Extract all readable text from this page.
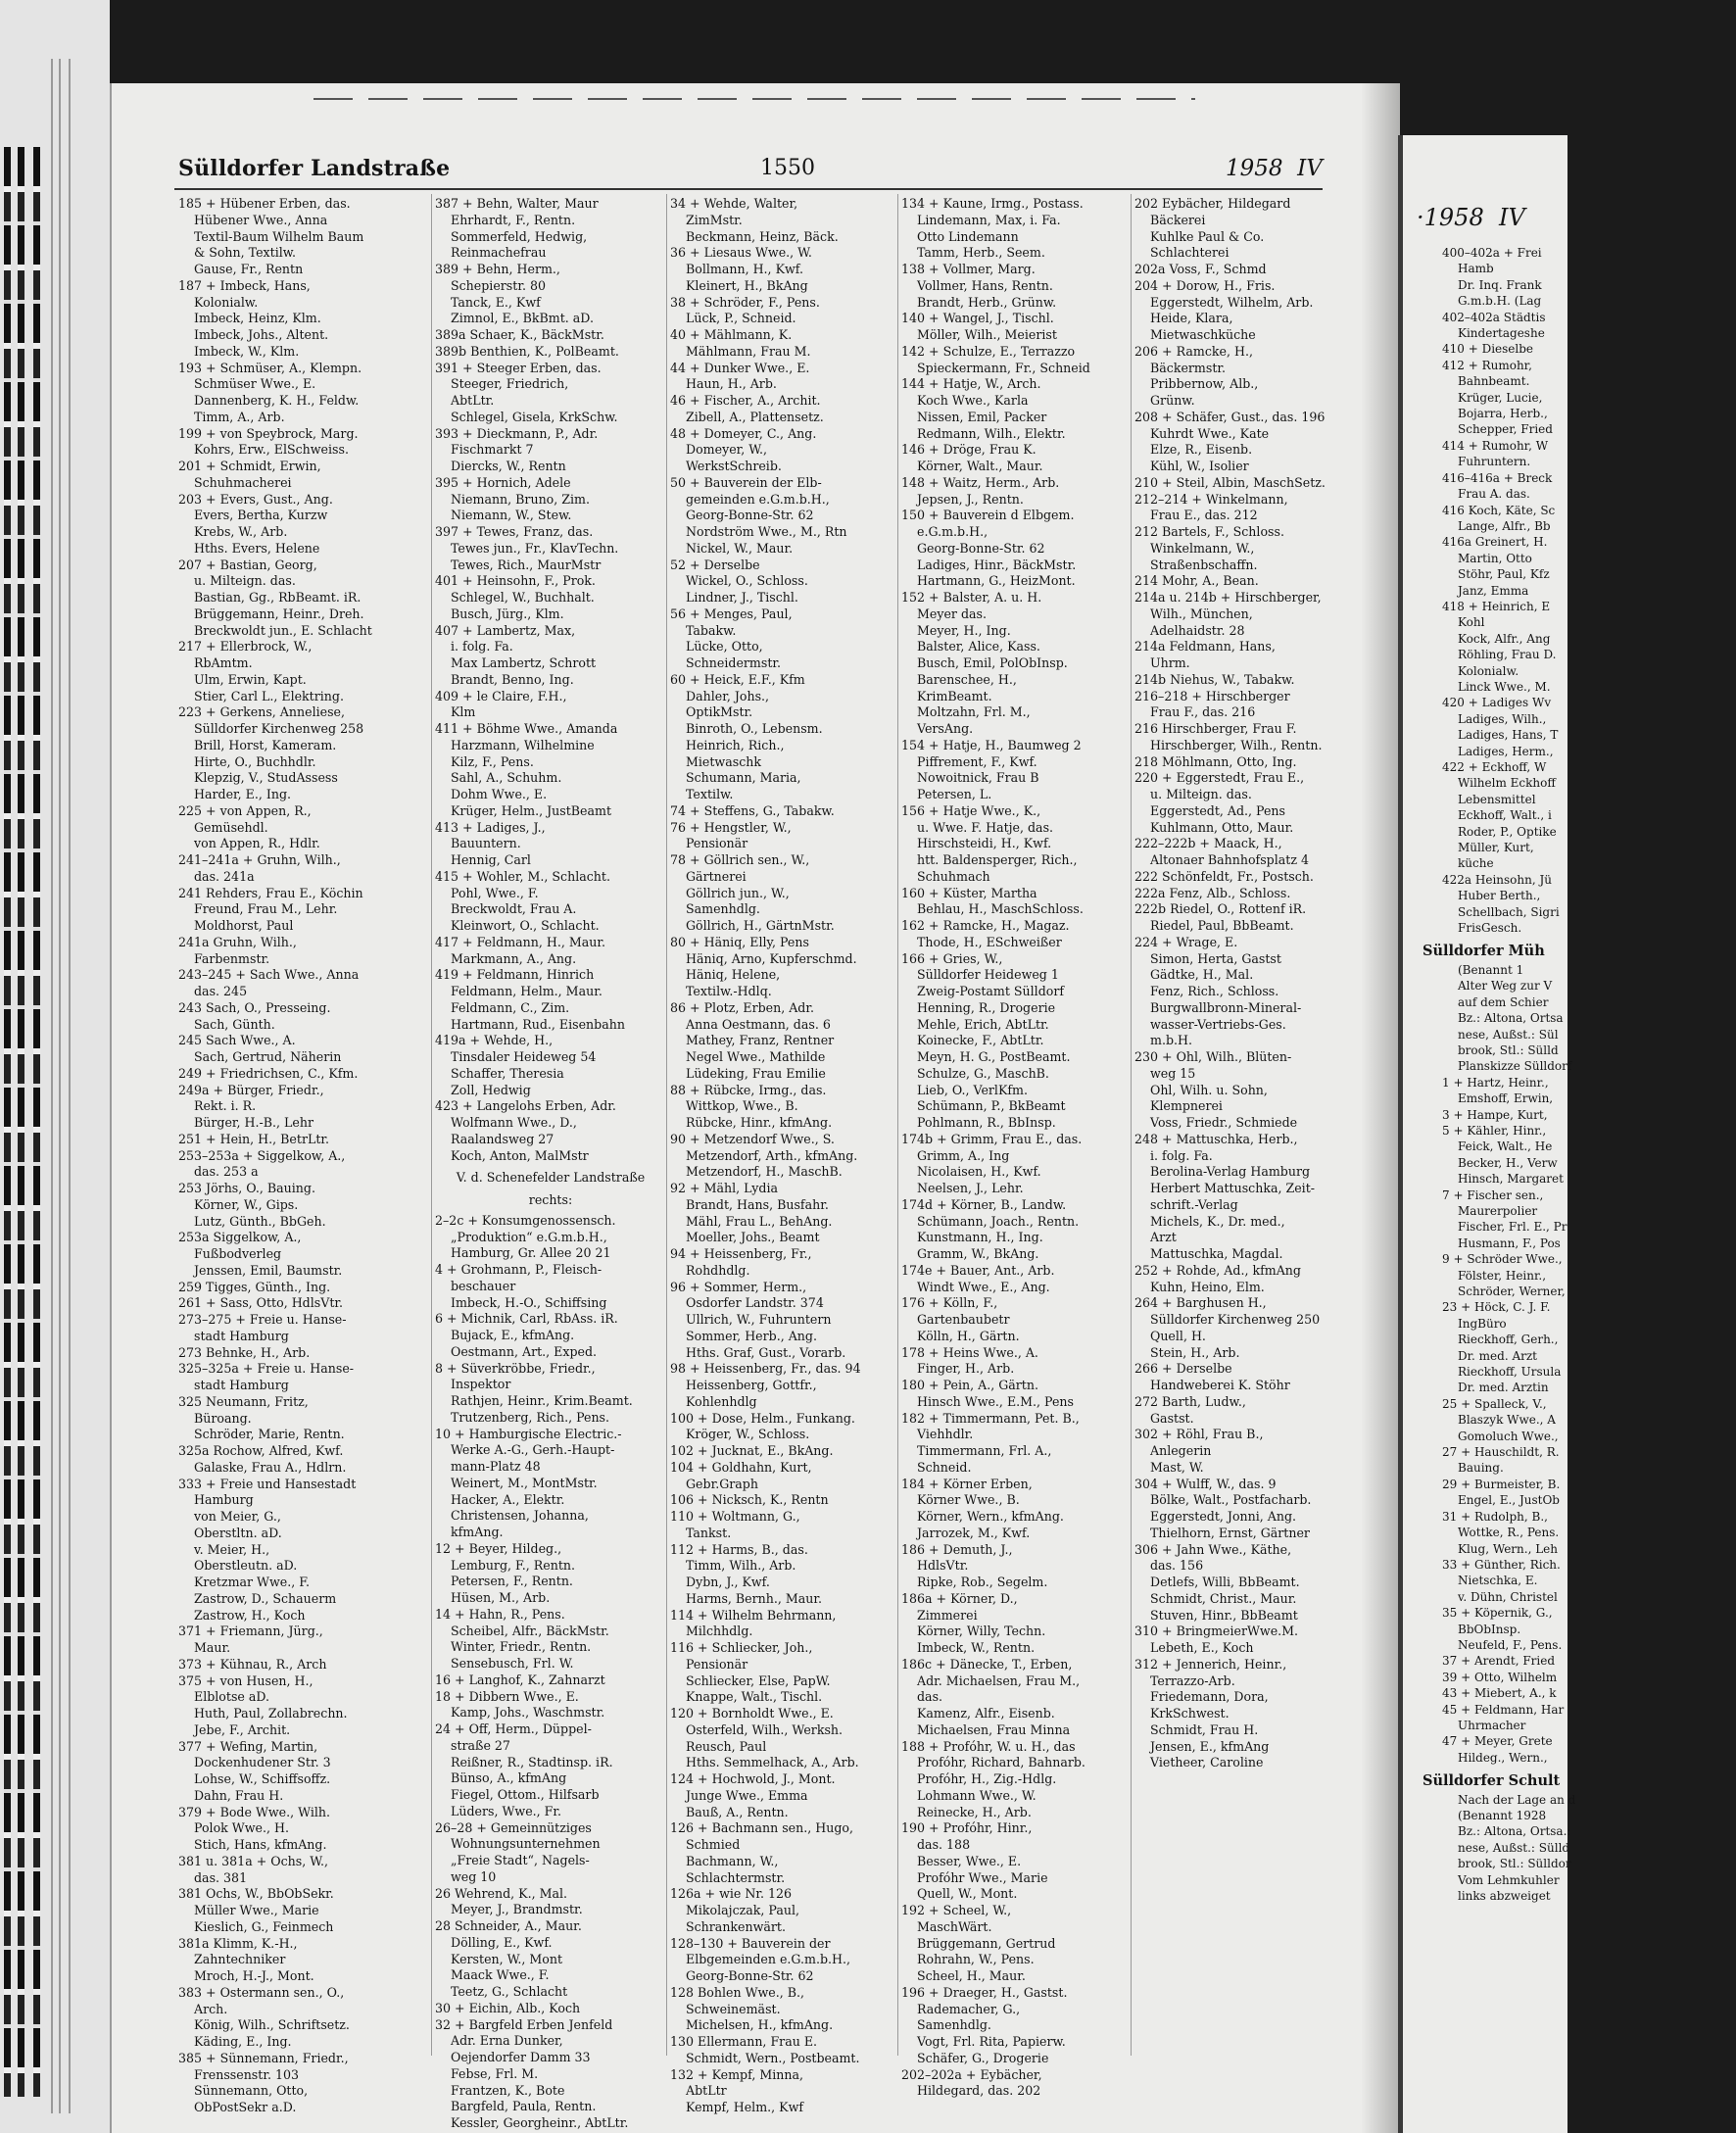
Sülldorfer Landstraße	1550	1958 IV
185 + Hübener Erben, das.
Hübener Wwe., Anna
Textil-Baum Wilhelm Baum
& Sohn, Textilw.
Gause, Fr., Rentn
187 + Imbeck, Hans,
Kolonialw.
Imbeck, Heinz, Klm.
Imbeck, Johs., Altent.
Imbeck, W., Klm.
193 + Schmüser, A., Klempn.
Schmüser Wwe., E.
Dannenberg, K. H., Feldw.
Timm, A., Arb.
199 + von Speybrock, Marg.
Kohrs, Erw., ElSchweiss.
201 + Schmidt, Erwin,
Schuhmacherei
203 + Evers, Gust., Ang.
Evers, Bertha, Kurzw
Krebs, W., Arb.
Hths. Evers, Helene
207 + Bastian, Georg,
u. Milteign. das.
Bastian, Gg., RbBeamt. iR.
Brüggemann, Heinr., Dreh.
Breckwoldt jun., E. Schlacht
217 + Ellerbrock, W.,
RbAmtm.
Ulm, Erwin, Kapt.
Stier, Carl L., Elektring.
223 + Gerkens, Anneliese,
Sülldorfer Kirchenweg 258
Brill, Horst, Kameram.
Hirte, O., Buchhdlr.
Klepzig, V., StudAssess
Harder, E., Ing.
225 + von Appen, R.,
Gemüsehdl.
von Appen, R., Hdlr.
241–241a + Gruhn, Wilh.,
das. 241a
241 Rehders, Frau E., Köchin
Freund, Frau M., Lehr.
Moldhorst, Paul
241a Gruhn, Wilh.,
Farbenmstr.
243–245 + Sach Wwe., Anna
das. 245
243 Sach, O., Presseing.
Sach, Günth.
245 Sach Wwe., A.
Sach, Gertrud, Näherin
249 + Friedrichsen, C., Kfm.
249a + Bürger, Friedr.,
Rekt. i. R.
Bürger, H.-B., Lehr
251 + Hein, H., BetrLtr.
253–253a + Siggelkow, A.,
das. 253 a
253 Jörhs, O., Bauing.
Körner, W., Gips.
Lutz, Günth., BbGeh.
253a Siggelkow, A.,
Fußbodverleg
Jenssen, Emil, Baumstr.
259 Tigges, Günth., Ing.
261 + Sass, Otto, HdlsVtr.
273–275 + Freie u. Hanse-
stadt Hamburg
273 Behnke, H., Arb.
325–325a + Freie u. Hanse-
stadt Hamburg
325 Neumann, Fritz,
Büroang.
Schröder, Marie, Rentn.
325a Rochow, Alfred, Kwf.
Galaske, Frau A., Hdlrn.
333 + Freie und Hansestadt
Hamburg
von Meier, G.,
Oberstltn. aD.
v. Meier, H.,
Oberstleutn. aD.
Kretzmar Wwe., F.
Zastrow, D., Schauerm
Zastrow, H., Koch
371 + Friemann, Jürg.,
Maur.
373 + Kühnau, R., Arch
375 + von Husen, H.,
Elblotse aD.
Huth, Paul, Zollabrechn.
Jebe, F., Archit.
377 + Wefing, Martin,
Dockenhudener Str. 3
Lohse, W., Schiffsoffz.
Dahn, Frau H.
379 + Bode Wwe., Wilh.
Polok Wwe., H.
Stich, Hans, kfmAng.
381 u. 381a + Ochs, W.,
das. 381
381 Ochs, W., BbObSekr.
Müller Wwe., Marie
Kieslich, G., Feinmech
381a Klimm, K.-H.,
Zahntechniker
Mroch, H.-J., Mont.
383 + Ostermann sen., O.,
Arch.
König, Wilh., Schriftsetz.
Käding, E., Ing.
385 + Sünnemann, Friedr.,
Frenssenstr. 103
Sünnemann, Otto,
ObPostSekr a.D.
387 + Behn, Walter, Maur
Ehrhardt, F., Rentn.
Sommerfeld, Hedwig,
Reinmachefrau
389 + Behn, Herm.,
Schepierstr. 80
Tanck, E., Kwf
Zimnol, E., BkBmt. aD.
389a Schaer, K., BäckMstr.
389b Benthien, K., PolBeamt.
391 + Steeger Erben, das.
Steeger, Friedrich,
AbtLtr.
Schlegel, Gisela, KrkSchw.
393 + Dieckmann, P., Adr.
Fischmarkt 7
Diercks, W., Rentn
395 + Hornich, Adele
Niemann, Bruno, Zim.
Niemann, W., Stew.
397 + Tewes, Franz, das.
Tewes jun., Fr., KlavTechn.
Tewes, Rich., MaurMstr
401 + Heinsohn, F., Prok.
Schlegel, W., Buchhalt.
Busch, Jürg., Klm.
407 + Lambertz, Max,
i. folg. Fa.
Max Lambertz, Schrott
Brandt, Benno, Ing.
409 + le Claire, F.H.,
Klm
411 + Böhme Wwe., Amanda
Harzmann, Wilhelmine
Kilz, F., Pens.
Sahl, A., Schuhm.
Dohm Wwe., E.
Krüger, Helm., JustBeamt
413 + Ladiges, J.,
Bauuntern.
Hennig, Carl
415 + Wohler, M., Schlacht.
Pohl, Wwe., F.
Breckwoldt, Frau A.
Kleinwort, O., Schlacht.
417 + Feldmann, H., Maur.
Markmann, A., Ang.
419 + Feldmann, Hinrich
Feldmann, Helm., Maur.
Feldmann, C., Zim.
Hartmann, Rud., Eisenbahn
419a + Wehde, H.,
Tinsdaler Heideweg 54
Schaffer, Theresia
Zoll, Hedwig
423 + Langelohs Erben, Adr.
Wolfmann Wwe., D.,
Raalandsweg 27
Koch, Anton, MalMstr
V. d. Schenefelder Landstraße
rechts:
2–2c + Konsumgenossensch.
„Produktion“ e.G.m.b.H.,
Hamburg, Gr. Allee 20 21
4 + Grohmann, P., Fleisch-
beschauer
Imbeck, H.-O., Schiffsing
6 + Michnik, Carl, RbAss. iR.
Bujack, E., kfmAng.
Oestmann, Art., Exped.
8 + Süverkröbbe, Friedr.,
Inspektor
Rathjen, Heinr., Krim.Beamt.
Trutzenberg, Rich., Pens.
10 + Hamburgische Electric.-
Werke A.-G., Gerh.-Haupt-
mann-Platz 48
Weinert, M., MontMstr.
Hacker, A., Elektr.
Christensen, Johanna,
kfmAng.
12 + Beyer, Hildeg.,
Lemburg, F., Rentn.
Petersen, F., Rentn.
Hüsen, M., Arb.
14 + Hahn, R., Pens.
Scheibel, Alfr., BäckMstr.
Winter, Friedr., Rentn.
Sensebusch, Frl. W.
16 + Langhof, K., Zahnarzt
18 + Dibbern Wwe., E.
Kamp, Johs., Waschmstr.
24 + Off, Herm., Düppel-
straße 27
Reißner, R., Stadtinsp. iR.
Bünso, A., kfmAng
Fiegel, Ottom., Hilfsarb
Lüders, Wwe., Fr.
26–28 + Gemeinnütziges
Wohnungsunternehmen
„Freie Stadt“, Nagels-
weg 10
26 Wehrend, K., Mal.
Meyer, J., Brandmstr.
28 Schneider, A., Maur.
Dölling, E., Kwf.
Kersten, W., Mont
Maack Wwe., F.
Teetz, G., Schlacht
30 + Eichin, Alb., Koch
32 + Bargfeld Erben Jenfeld
Adr. Erna Dunker,
Oejendorfer Damm 33
Febse, Frl. M.
Frantzen, K., Bote
Bargfeld, Paula, Rentn.
Kessler, Georgheinr., AbtLtr.
34 + Wehde, Walter,
ZimMstr.
Beckmann, Heinz, Bäck.
36 + Liesaus Wwe., W.
Bollmann, H., Kwf.
Kleinert, H., BkAng
38 + Schröder, F., Pens.
Lück, P., Schneid.
40 + Mählmann, K.
Mählmann, Frau M.
44 + Dunker Wwe., E.
Haun, H., Arb.
46 + Fischer, A., Archit.
Zibell, A., Plattensetz.
48 + Domeyer, C., Ang.
Domeyer, W.,
WerkstSchreib.
50 + Bauverein der Elb-
gemeinden e.G.m.b.H.,
Georg-Bonne-Str. 62
Nordström Wwe., M., Rtn
Nickel, W., Maur.
52 + Derselbe
Wickel, O., Schloss.
Lindner, J., Tischl.
56 + Menges, Paul,
Tabakw.
Lücke, Otto,
Schneidermstr.
60 + Heick, E.F., Kfm
Dahler, Johs.,
OptikMstr.
Binroth, O., Lebensm.
Heinrich, Rich.,
Mietwaschk
Schumann, Maria,
Textilw.
74 + Steffens, G., Tabakw.
76 + Hengstler, W.,
Pensionär
78 + Göllrich sen., W.,
Gärtnerei
Göllrich jun., W.,
Samenhdlg.
Göllrich, H., GärtnMstr.
80 + Häniq, Elly, Pens
Häniq, Arno, Kupferschmd.
Häniq, Helene,
Textilw.-Hdlq.
86 + Plotz, Erben, Adr.
Anna Oestmann, das. 6
Mathey, Franz, Rentner
Negel Wwe., Mathilde
Lüdeking, Frau Emilie
88 + Rübcke, Irmg., das.
Wittkop, Wwe., B.
Rübcke, Hinr., kfmAng.
90 + Metzendorf Wwe., S.
Metzendorf, Arth., kfmAng.
Metzendorf, H., MaschB.
92 + Mähl, Lydia
Brandt, Hans, Busfahr.
Mähl, Frau L., BehAng.
Moeller, Johs., Beamt
94 + Heissenberg, Fr.,
Rohdhdlg.
96 + Sommer, Herm.,
Osdorfer Landstr. 374
Ullrich, W., Fuhruntern
Sommer, Herb., Ang.
Hths. Graf, Gust., Vorarb.
98 + Heissenberg, Fr., das. 94
Heissenberg, Gottfr.,
Kohlenhdlg
100 + Dose, Helm., Funkang.
Kröger, W., Schloss.
102 + Jucknat, E., BkAng.
104 + Goldhahn, Kurt,
Gebr.Graph
106 + Nicksch, K., Rentn
110 + Woltmann, G.,
Tankst.
112 + Harms, B., das.
Timm, Wilh., Arb.
Dybn, J., Kwf.
Harms, Bernh., Maur.
114 + Wilhelm Behrmann,
Milchhdlg.
116 + Schliecker, Joh.,
Pensionär
Schliecker, Else, PapW.
Knappe, Walt., Tischl.
120 + Bornholdt Wwe., E.
Osterfeld, Wilh., Werksh.
Reusch, Paul
Hths. Semmelhack, A., Arb.
124 + Hochwold, J., Mont.
Junge Wwe., Emma
Bauß, A., Rentn.
126 + Bachmann sen., Hugo,
Schmied
Bachmann, W.,
Schlachtermstr.
126a + wie Nr. 126
Mikolajczak, Paul,
Schrankenwärt.
128–130 + Bauverein der
Elbgemeinden e.G.m.b.H.,
Georg-Bonne-Str. 62
128 Bohlen Wwe., B.,
Schweinemäst.
Michelsen, H., kfmAng.
130 Ellermann, Frau E.
Schmidt, Wern., Postbeamt.
132 + Kempf, Minna,
AbtLtr
Kempf, Helm., Kwf
134 + Kaune, Irmg., Postass.
Lindemann, Max, i. Fa.
Otto Lindemann
Tamm, Herb., Seem.
138 + Vollmer, Marg.
Vollmer, Hans, Rentn.
Brandt, Herb., Grünw.
140 + Wangel, J., Tischl.
Möller, Wilh., Meierist
142 + Schulze, E., Terrazzo
Spieckermann, Fr., Schneid
144 + Hatje, W., Arch.
Koch Wwe., Karla
Nissen, Emil, Packer
Redmann, Wilh., Elektr.
146 + Dröge, Frau K.
Körner, Walt., Maur.
148 + Waitz, Herm., Arb.
Jepsen, J., Rentn.
150 + Bauverein d Elbgem.
e.G.m.b.H.,
Georg-Bonne-Str. 62
Ladiges, Hinr., BäckMstr.
Hartmann, G., HeizMont.
152 + Balster, A. u. H.
Meyer das.
Meyer, H., Ing.
Balster, Alice, Kass.
Busch, Emil, PolObInsp.
Barenschee, H.,
KrimBeamt.
Moltzahn, Frl. M.,
VersAng.
154 + Hatje, H., Baumweg 2
Piffrement, F., Kwf.
Nowoitnick, Frau B
Petersen, L.
156 + Hatje Wwe., K.,
u. Wwe. F. Hatje, das.
Hirschsteidi, H., Kwf.
htt. Baldensperger, Rich.,
Schuhmach
160 + Küster, Martha
Behlau, H., MaschSchloss.
162 + Ramcke, H., Magaz.
Thode, H., ESchweißer
166 + Gries, W.,
Sülldorfer Heideweg 1
Zweig-Postamt Sülldorf
Henning, R., Drogerie
Mehle, Erich, AbtLtr.
Koinecke, F., AbtLtr.
Meyn, H. G., PostBeamt.
Schulze, G., MaschB.
Lieb, O., VerlKfm.
Schümann, P., BkBeamt
Pohlmann, R., BbInsp.
174b + Grimm, Frau E., das.
Grimm, A., Ing
Nicolaisen, H., Kwf.
Neelsen, J., Lehr.
174d + Körner, B., Landw.
Schümann, Joach., Rentn.
Kunstmann, H., Ing.
Gramm, W., BkAng.
174e + Bauer, Ant., Arb.
Windt Wwe., E., Ang.
176 + Kölln, F.,
Gartenbaubetr
Kölln, H., Gärtn.
178 + Heins Wwe., A.
Finger, H., Arb.
180 + Pein, A., Gärtn.
Hinsch Wwe., E.M., Pens
182 + Timmermann, Pet. B.,
Viehhdlr.
Timmermann, Frl. A.,
Schneid.
184 + Körner Erben,
Körner Wwe., B.
Körner, Wern., kfmAng.
Jarrozek, M., Kwf.
186 + Demuth, J.,
HdlsVtr.
Ripke, Rob., Segelm.
186a + Körner, D.,
Zimmerei
Körner, Willy, Techn.
Imbeck, W., Rentn.
186c + Dänecke, T., Erben,
Adr. Michaelsen, Frau M.,
das.
Kamenz, Alfr., Eisenb.
Michaelsen, Frau Minna
188 + Profóhr, W. u. H., das
Profóhr, Richard, Bahnarb.
Profóhr, H., Zig.-Hdlg.
Lohmann Wwe., W.
Reinecke, H., Arb.
190 + Profóhr, Hinr.,
das. 188
Besser, Wwe., E.
Profóhr Wwe., Marie
Quell, W., Mont.
192 + Scheel, W.,
MaschWärt.
Brüggemann, Gertrud
Rohrahn, W., Pens.
Scheel, H., Maur.
196 + Draeger, H., Gastst.
Rademacher, G.,
Samenhdlg.
Vogt, Frl. Rita, Papierw.
Schäfer, G., Drogerie
202–202a + Eybächer,
Hildegard, das. 202
202 Eybächer, Hildegard
Bäckerei
Kuhlke Paul & Co.
Schlachterei
202a Voss, F., Schmd
204 + Dorow, H., Fris.
Eggerstedt, Wilhelm, Arb.
Heide, Klara,
Mietwaschküche
206 + Ramcke, H.,
Bäckermstr.
Pribbernow, Alb.,
Grünw.
208 + Schäfer, Gust., das. 196
Kuhrdt Wwe., Kate
Elze, R., Eisenb.
Kühl, W., Isolier
210 + Steil, Albin, MaschSetz.
212–214 + Winkelmann,
Frau E., das. 212
212 Bartels, F., Schloss.
Winkelmann, W.,
Straßenbschaffn.
214 Mohr, A., Bean.
214a u. 214b + Hirschberger,
Wilh., München,
Adelhaidstr. 28
214a Feldmann, Hans,
Uhrm.
214b Niehus, W., Tabakw.
216–218 + Hirschberger
Frau F., das. 216
216 Hirschberger, Frau F.
Hirschberger, Wilh., Rentn.
218 Möhlmann, Otto, Ing.
220 + Eggerstedt, Frau E.,
u. Milteign. das.
Eggerstedt, Ad., Pens
Kuhlmann, Otto, Maur.
222–222b + Maack, H.,
Altonaer Bahnhofsplatz 4
222 Schönfeldt, Fr., Postsch.
222a Fenz, Alb., Schloss.
222b Riedel, O., Rottenf iR.
Riedel, Paul, BbBeamt.
224 + Wrage, E.
Simon, Herta, Gastst
Gädtke, H., Mal.
Fenz, Rich., Schloss.
Burgwallbronn-Mineral-
wasser-Vertriebs-Ges.
m.b.H.
230 + Ohl, Wilh., Blüten-
weg 15
Ohl, Wilh. u. Sohn,
Klempnerei
Voss, Friedr., Schmiede
248 + Mattuschka, Herb.,
i. folg. Fa.
Berolina-Verlag Hamburg
Herbert Mattuschka, Zeit-
schrift.-Verlag
Michels, K., Dr. med.,
Arzt
Mattuschka, Magdal.
252 + Rohde, Ad., kfmAng
Kuhn, Heino, Elm.
264 + Barghusen H.,
Sülldorfer Kirchenweg 250
Quell, H.
Stein, H., Arb.
266 + Derselbe
Handweberei K. Stöhr
272 Barth, Ludw.,
Gastst.
302 + Röhl, Frau B.,
Anlegerin
Mast, W.
304 + Wulff, W., das. 9
Bölke, Walt., Postfacharb.
Eggerstedt, Jonni, Ang.
Thielhorn, Ernst, Gärtner
306 + Jahn Wwe., Käthe,
das. 156
Detlefs, Willi, BbBeamt.
Schmidt, Christ., Maur.
Stuven, Hinr., BbBeamt
310 + BringmeierWwe.M.
Lebeth, E., Koch
312 + Jennerich, Heinr.,
Terrazzo-Arb.
Friedemann, Dora,
KrkSchwest.
Schmidt, Frau H.
Jensen, E., kfmAng
Viethеer, Caroline
·1958 IV
400–402a + Frei
Hamb
Dr. Inq. Frank
G.m.b.H. (Lag
402–402a Städtis
Kindertageshe
410 + Dieselbe
412 + Rumohr,
Bahnbeamt.
Krüger, Lucie,
Bojarra, Herb.,
Schepper, Fried
414 + Rumohr, W
Fuhruntern.
416–416a + Breck
Frau A. das.
416 Koch, Käte, Sc
Lange, Alfr., Bb
416a Greinert, H.
Martin, Otto
Stöhr, Paul, Kfz
Janz, Emma
418 + Heinrich, E
Kohl
Kock, Alfr., Ang
Röhling, Frau D.
Kolonialw.
Linck Wwe., M.
420 + Ladiges Wv
Ladiges, Wilh.,
Ladiges, Hans, T
Ladiges, Herm.,
422 + Eckhoff, W
Wilhelm Eckhoff
Lebensmittel
Eckhoff, Walt., i
Roder, P., Optike
Müller, Kurt,
küche
422a Heinsohn, Jü
Huber Berth.,
Schellbach, Sigri
FrisGesch.
Sülldorfer Müh
(Benannt 1
Alter Weg zur V
auf dem Schier
Bz.: Altona, Ortsa
nese, Außst.: Sül
brook, Stl.: Sülld
Planskizze Sülldorf
1 + Hartz, Heinr.,
Emshoff, Erwin,
3 + Hampe, Kurt,
5 + Kähler, Hinr.,
Feick, Walt., He
Becker, H., Verw
Hinsch, Margaret
7 + Fischer sen.,
Maurerpolier
Fischer, Frl. E., Pr
Husmann, F., Pos
9 + Schröder Wwe.,
Fölster, Heinr.,
Schröder, Werner,
23 + Höck, C. J. F.
IngBüro
Rieckhoff, Gerh.,
Dr. med. Arzt
Rieckhoff, Ursula
Dr. med. Arztin
25 + Spalleck, V.,
Blaszyk Wwe., A
Gomoluch Wwe.,
27 + Hauschildt, R.
Bauing.
29 + Burmeister, B.
Engel, E., JustOb
31 + Rudolph, B.,
Wottke, R., Pens.
Klug, Wern., Leh
33 + Günther, Rich.
Nietschka, E.
v. Dühn, Christel
35 + Köpernik, G.,
BbObInsp.
Neufeld, F., Pens.
37 + Arendt, Fried
39 + Otto, Wilhelm
43 + Miebert, A., k
45 + Feldmann, Har
Uhrmacher
47 + Meyer, Grete
Hildeg., Wern.,
Sülldorfer Schult
Nach der Lage an d
(Benannt 1928
Bz.: Altona, Ortsa.:
nese, Außst.: Sülld
brook, Stl.: Sülldor
Vom Lehmkuhler
links abzweiget
